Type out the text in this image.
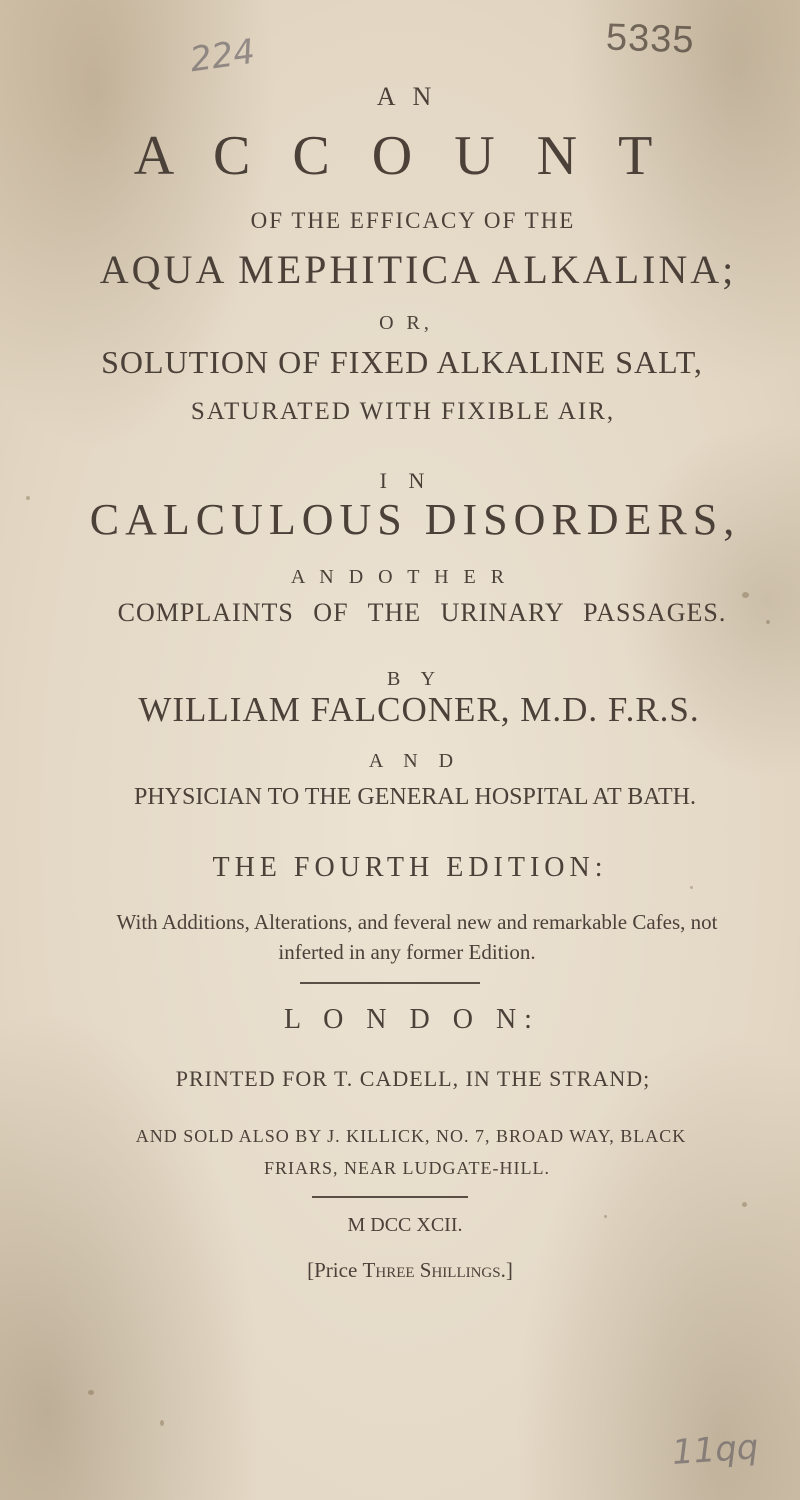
224	5335
11qq
A N
A C C O U N T
OF THE EFFICACY OF THE
AQUA MEPHITICA ALKALINA;
O R,
SOLUTION OF FIXED ALKALINE SALT,
SATURATED WITH FIXIBLE AIR,
I N
CALCULOUS DISORDERS,
A N D O T H E R
COMPLAINTS OF THE URINARY PASSAGES.
B Y
WILLIAM FALCONER, M.D. F.R.S.
A N D
PHYSICIAN TO THE GENERAL HOSPITAL AT BATH.
THE FOURTH EDITION:
With Additions, Alterations, and feveral new and remarkable Cafes, not
inferted in any former Edition.
L O N D O N:
PRINTED FOR T. CADELL, IN THE STRAND;
AND SOLD ALSO BY J. KILLICK, NO. 7, BROAD WAY, BLACK
FRIARS, NEAR LUDGATE-HILL.
M DCC XCII.
[Price Three Shillings.]
